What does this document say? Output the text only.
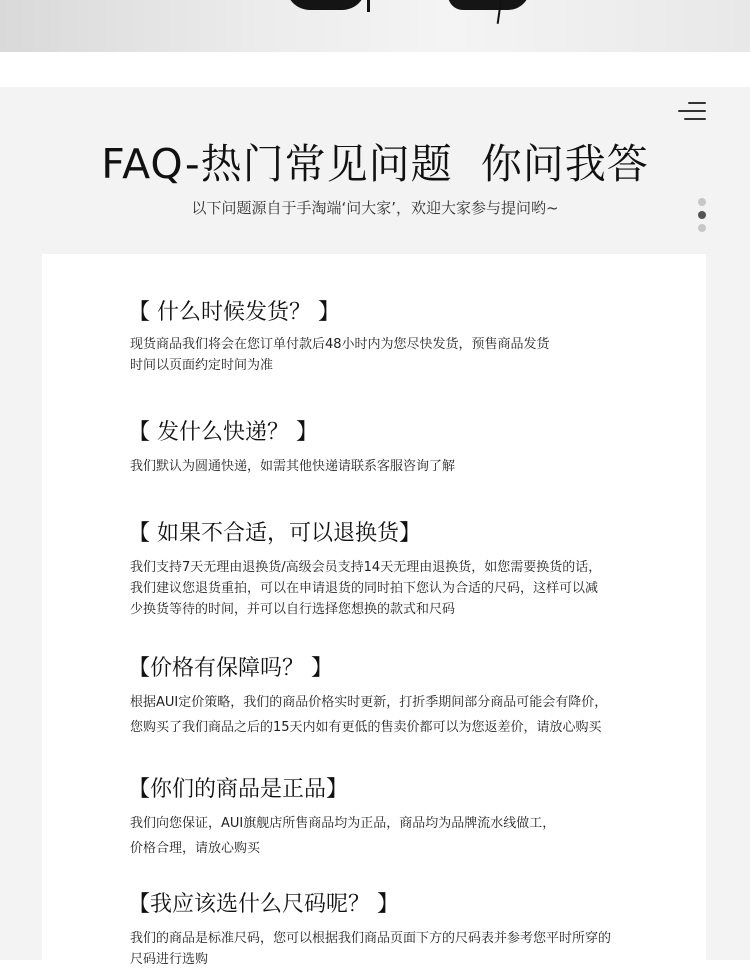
FAQ-热门常见问题  你问我答

以下问题源自于手淘端‘问大家’，欢迎大家参与提问哟~

【 什么时候发货？ 】

现货商品我们将会在您订单付款后48小时内为您尽快发货，预售商品发货
时间以页面约定时间为准

【 发什么快递？ 】

我们默认为圆通快递，如需其他快递请联系客服咨询了解

【 如果不合适，可以退换货】

我们支持7天无理由退换货/高级会员支持14天无理由退换货，如您需要换货的话，
我们建议您退货重拍，可以在申请退货的同时拍下您认为合适的尺码，这样可以减
少换货等待的时间，并可以自行选择您想换的款式和尺码

【价格有保障吗？ 】

根据AUI定价策略，我们的商品价格实时更新，打折季期间部分商品可能会有降价，
您购买了我们商品之后的15天内如有更低的售卖价都可以为您返差价，请放心购买

【你们的商品是正品】

我们向您保证，AUI旗舰店所售商品均为正品，商品均为品牌流水线做工，
价格合理，请放心购买

【我应该选什么尺码呢？ 】

我们的商品是标准尺码，您可以根据我们商品页面下方的尺码表并参考您平时所穿的
尺码进行选购
